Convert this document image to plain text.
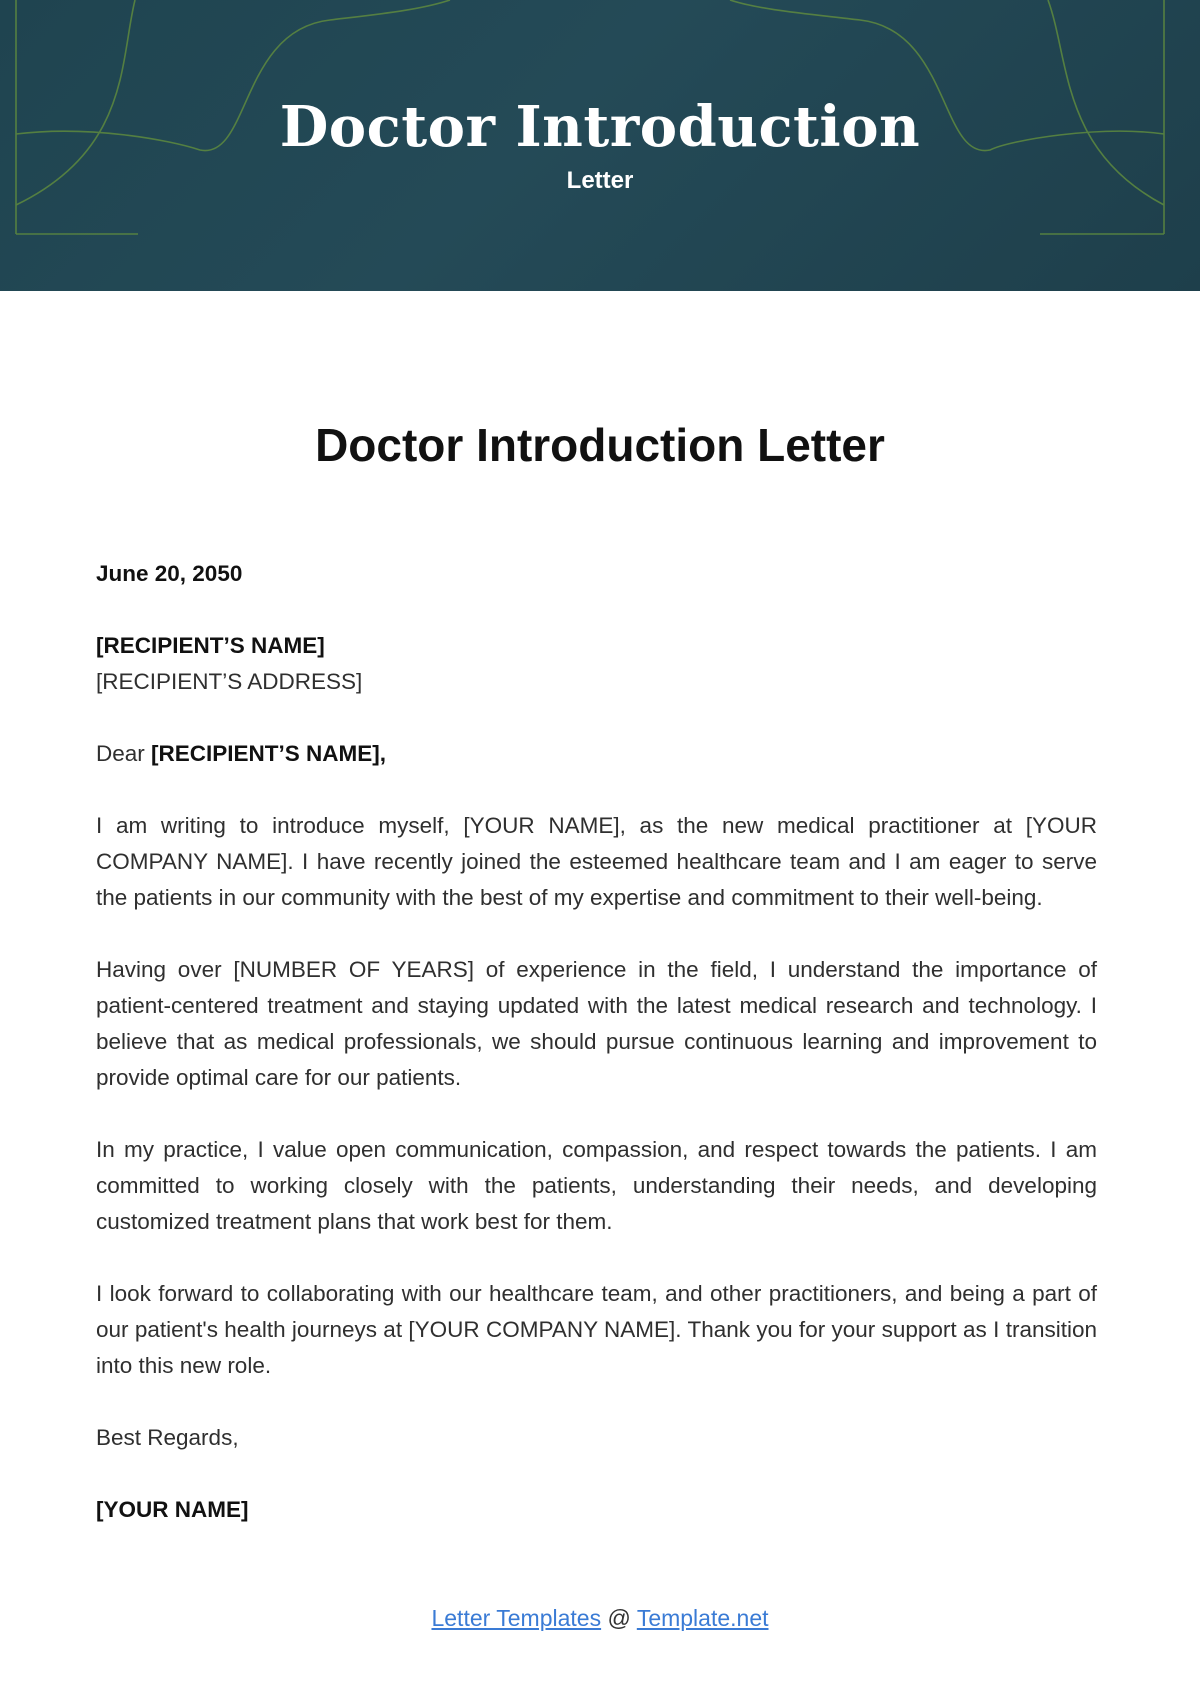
Doctor Introduction
Letter
Doctor Introduction Letter

June 20, 2050

[RECIPIENT’S NAME]

[RECIPIENT’S ADDRESS]

Dear [RECIPIENT’S NAME],

I am writing to introduce myself, [YOUR NAME], as the new medical practitioner at [YOUR COMPANY NAME]. I have recently joined the esteemed healthcare team and I am eager to serve the patients in our community with the best of my expertise and commitment to their well-being.

Having over [NUMBER OF YEARS] of experience in the field, I understand the importance of patient-centered treatment and staying updated with the latest medical research and technology. I believe that as medical professionals, we should pursue continuous learning and improvement to provide optimal care for our patients.

In my practice, I value open communication, compassion, and respect towards the patients. I am committed to working closely with the patients, understanding their needs, and developing customized treatment plans that work best for them.

I look forward to collaborating with our healthcare team, and other practitioners, and being a part of our patient's health journeys at [YOUR COMPANY NAME]. Thank you for your support as I transition into this new role.

Best Regards,

[YOUR NAME]

Letter Templates @ Template.net
